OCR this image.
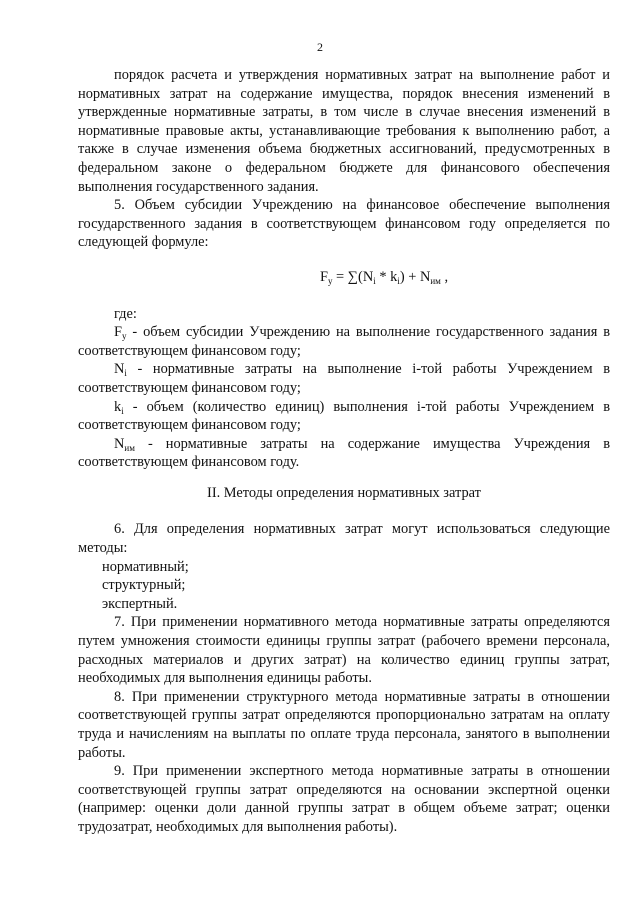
2

порядок расчета и утверждения нормативных затрат на выполнение работ и нормативных затрат на содержание имущества, порядок внесения изменений в утвержденные нормативные затраты, в том числе в случае внесения изменений в нормативные правовые акты, устанавливающие требования к выполнению работ, а также в случае изменения объема бюджетных ассигнований, предусмотренных в федеральном законе о федеральном бюджете для финансового обеспечения выполнения государственного задания.

5. Объем субсидии Учреждению на финансовое обеспечение выполнения государственного задания в соответствующем финансовом году определяется по следующей формуле:

$F_у = \sum(N_i * k_i) + N_{им}$ ,

где:

$F_у$ - объем субсидии Учреждению на выполнение государственного задания в соответствующем финансовом году;

$N_i$ - нормативные затраты на выполнение i-той работы Учреждением в соответствующем финансовом году;

$k_i$ - объем (количество единиц) выполнения i-той работы Учреждением в соответствующем финансовом году;

$N_{им}$ - нормативные затраты на содержание имущества Учреждения в соответствующем финансовом году.

II. Методы определения нормативных затрат

6. Для определения нормативных затрат могут использоваться следующие методы:

нормативный;

структурный;

экспертный.

7. При применении нормативного метода нормативные затраты определяются путем умножения стоимости единицы группы затрат (рабочего времени персонала, расходных материалов и других затрат) на количество единиц группы затрат, необходимых для выполнения единицы работы.

8. При применении структурного метода нормативные затраты в отношении соответствующей группы затрат определяются пропорционально затратам на оплату труда и начислениям на выплаты по оплате труда персонала, занятого в выполнении работы.

9. При применении экспертного метода нормативные затраты в отношении соответствующей группы затрат определяются на основании экспертной оценки (например: оценки доли данной группы затрат в общем объеме затрат; оценки трудозатрат, необходимых для выполнения работы).
